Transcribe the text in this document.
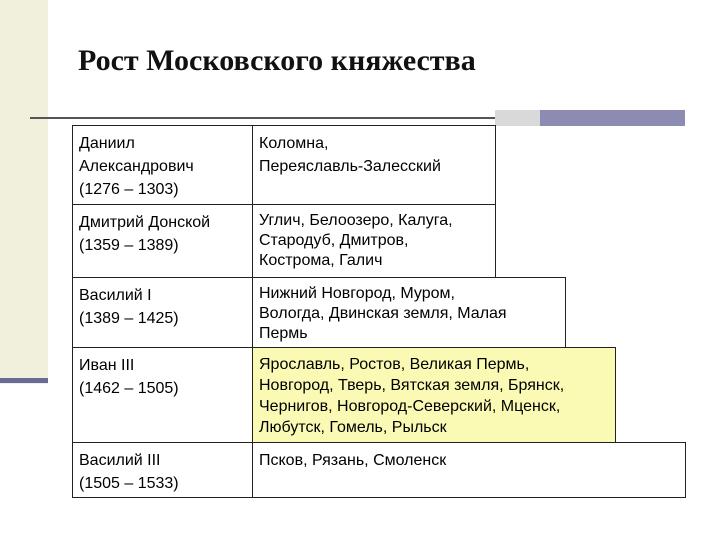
Рост Московского княжества
Даниил
Александрович
(1276 – 1303)
Коломна,
Переяславль-Залесский
Дмитрий Донской
(1359 – 1389)
Углич, Белоозеро, Калуга,
Стародуб, Дмитров,
Кострома, Галич
Василий I
(1389 – 1425)
Нижний Новгород, Муром,
Вологда, Двинская земля, Малая
Пермь
Иван III
(1462 – 1505)
Ярославль, Ростов, Великая Пермь,
Новгород, Тверь, Вятская земля, Брянск,
Чернигов, Новгород-Северский, Мценск,
Любутск, Гомель, Рыльск
Василий III
(1505 – 1533)
Псков, Рязань, Смоленск
